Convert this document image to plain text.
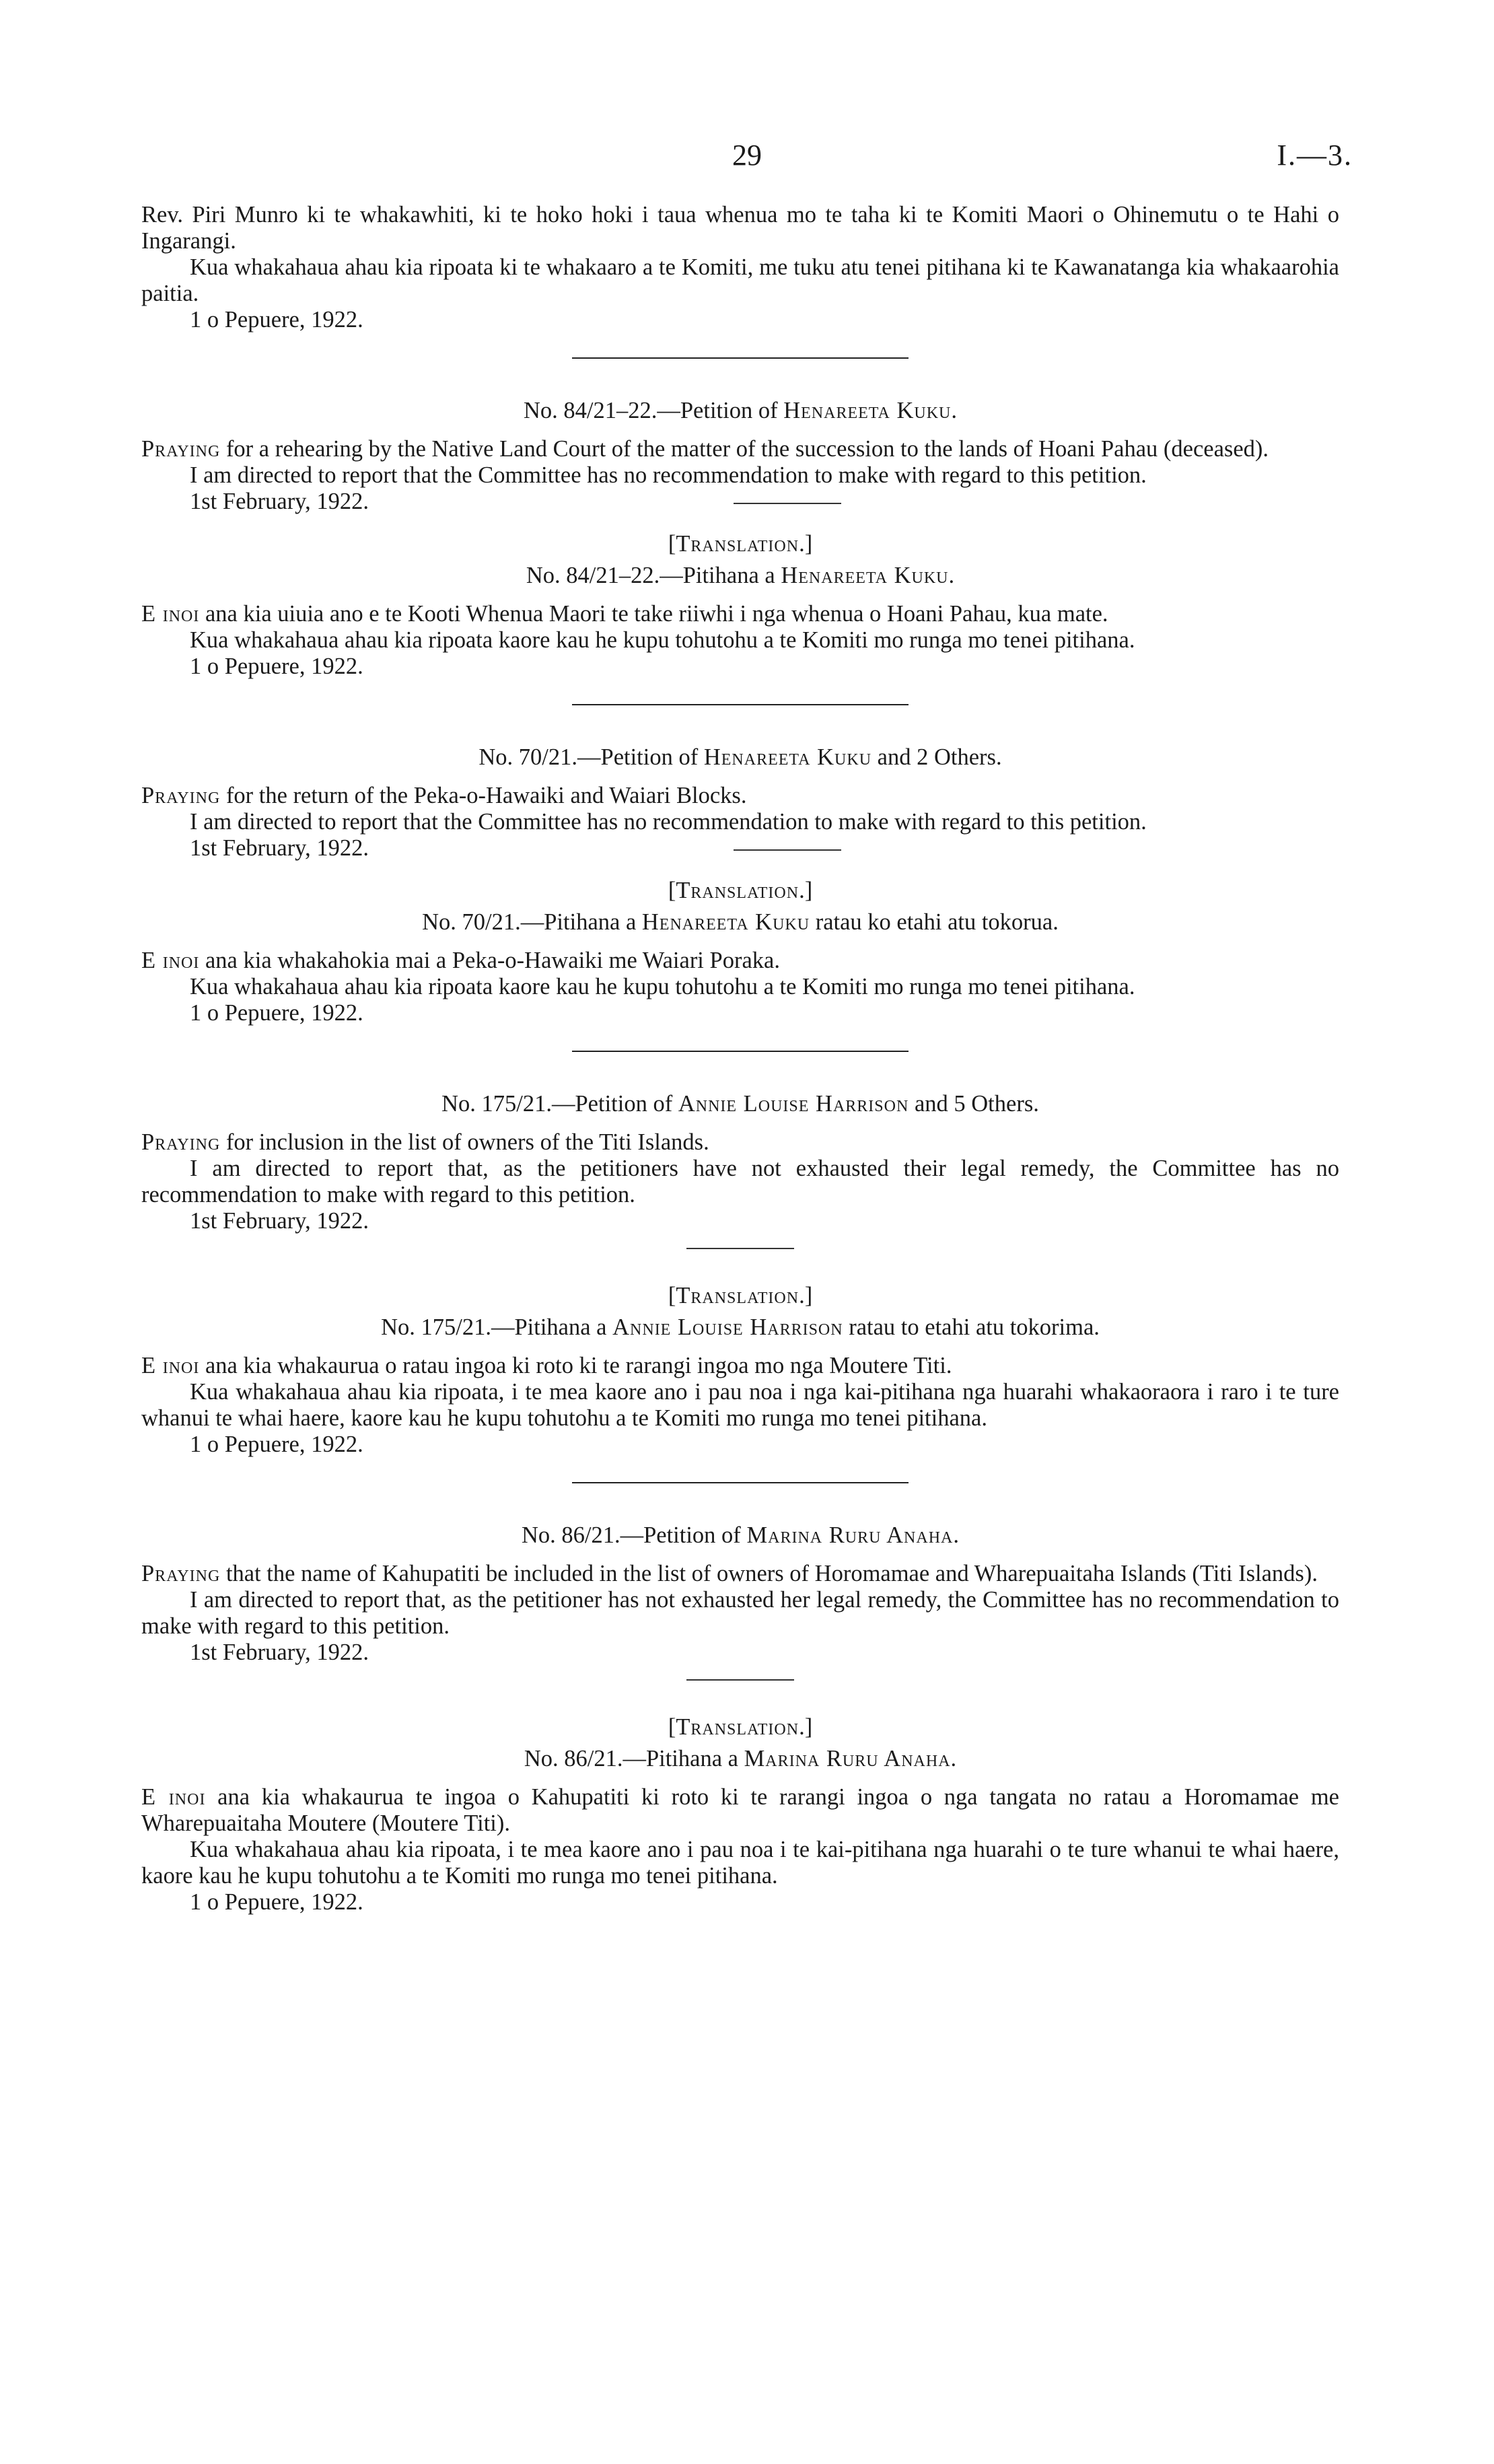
29	I.—3.

Rev. Piri Munro ki te whakawhiti, ki te hoko hoki i taua whenua mo te taha ki te Komiti Maori o Ohinemutu o te Hahi o Ingarangi.

Kua whakahaua ahau kia ripoata ki te whakaaro a te Komiti, me tuku atu tenei pitihana ki te Kawanatanga kia whakaarohia paitia.

1 o Pepuere, 1922.

No. 84/21–22.—Petition of Henareeta Kuku.

Praying for a rehearing by the Native Land Court of the matter of the succession to the lands of Hoani Pahau (deceased).

I am directed to report that the Committee has no recommendation to make with regard to this petition.

1st February, 1922.

[Translation.]

No. 84/21–22.—Pitihana a Henareeta Kuku.

E inoi ana kia uiuia ano e te Kooti Whenua Maori te take riiwhi i nga whenua o Hoani Pahau, kua mate.

Kua whakahaua ahau kia ripoata kaore kau he kupu tohutohu a te Komiti mo runga mo tenei pitihana.

1 o Pepuere, 1922.

No. 70/21.—Petition of Henareeta Kuku and 2 Others.

Praying for the return of the Peka-o-Hawaiki and Waiari Blocks.

I am directed to report that the Committee has no recommendation to make with regard to this petition.

1st February, 1922.

[Translation.]

No. 70/21.—Pitihana a Henareeta Kuku ratau ko etahi atu tokorua.

E inoi ana kia whakahokia mai a Peka-o-Hawaiki me Waiari Poraka.

Kua whakahaua ahau kia ripoata kaore kau he kupu tohutohu a te Komiti mo runga mo tenei pitihana.

1 o Pepuere, 1922.

No. 175/21.—Petition of Annie Louise Harrison and 5 Others.

Praying for inclusion in the list of owners of the Titi Islands.

I am directed to report that, as the petitioners have not exhausted their legal remedy, the Committee has no recommendation to make with regard to this petition.

1st February, 1922.

[Translation.]

No. 175/21.—Pitihana a Annie Louise Harrison ratau to etahi atu tokorima.

E inoi ana kia whakaurua o ratau ingoa ki roto ki te rarangi ingoa mo nga Moutere Titi.

Kua whakahaua ahau kia ripoata, i te mea kaore ano i pau noa i nga kai-pitihana nga huarahi whakaoraora i raro i te ture whanui te whai haere, kaore kau he kupu tohutohu a te Komiti mo runga mo tenei pitihana.

1 o Pepuere, 1922.

No. 86/21.—Petition of Marina Ruru Anaha.

Praying that the name of Kahupatiti be included in the list of owners of Horomamae and Wharepuaitaha Islands (Titi Islands).

I am directed to report that, as the petitioner has not exhausted her legal remedy, the Committee has no recommendation to make with regard to this petition.

1st February, 1922.

[Translation.]

No. 86/21.—Pitihana a Marina Ruru Anaha.

E inoi ana kia whakaurua te ingoa o Kahupatiti ki roto ki te rarangi ingoa o nga tangata no ratau a Horomamae me Wharepuaitaha Moutere (Moutere Titi).

Kua whakahaua ahau kia ripoata, i te mea kaore ano i pau noa i te kai-pitihana nga huarahi o te ture whanui te whai haere, kaore kau he kupu tohutohu a te Komiti mo runga mo tenei pitihana.

1 o Pepuere, 1922.
